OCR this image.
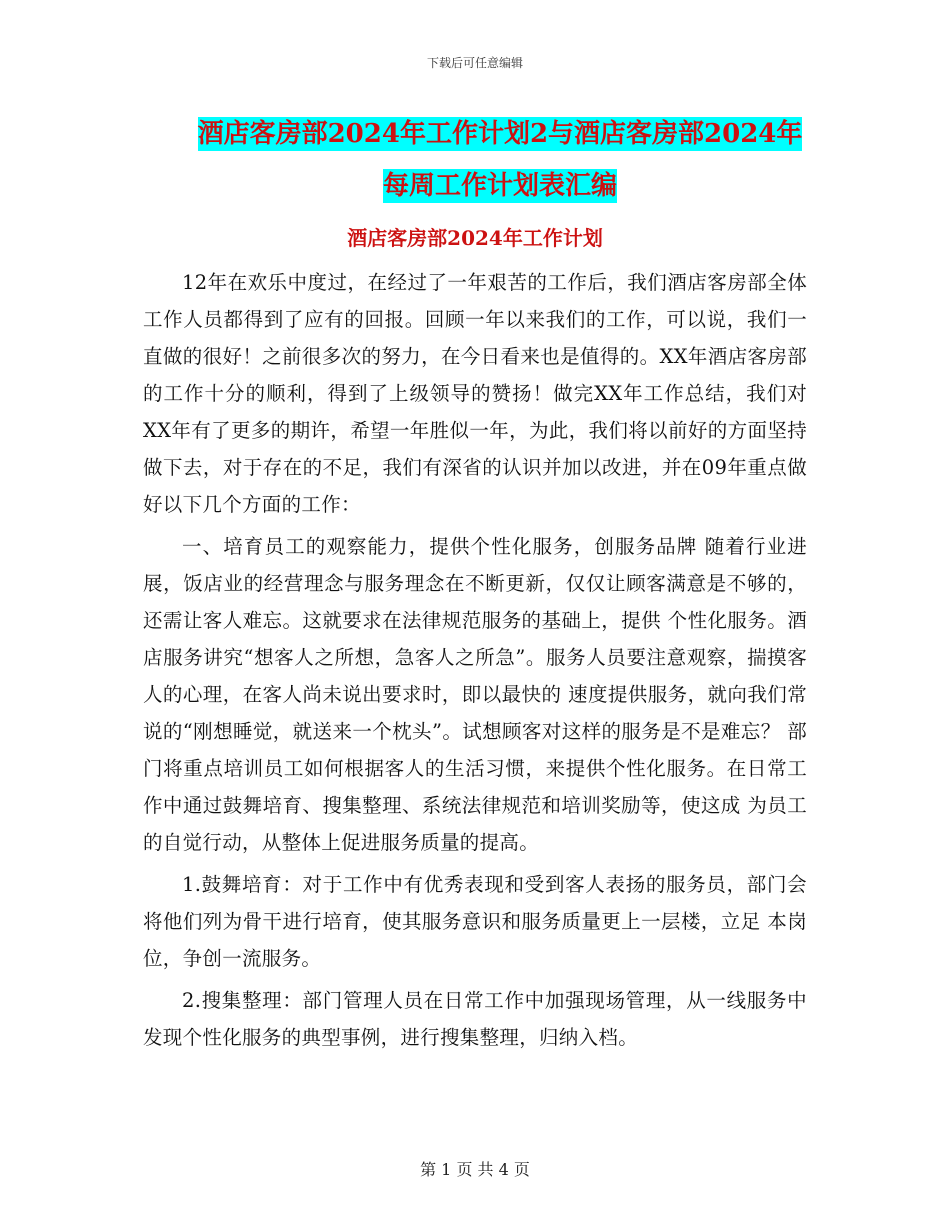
下载后可任意编辑
酒店客房部2024年工作计划2与酒店客房部2024年
每周工作计划表汇编
酒店客房部2024年工作计划

12年在欢乐中度过，在经过了一年艰苦的工作后，我们酒店客房部全体工作人员都得到了应有的回报。回顾一年以来我们的工作，可以说，我们一直做的很好！之前很多次的努力，在今日看来也是值得的。XX年酒店客房部的工作十分的顺利，得到了上级领导的赞扬！做完XX年工作总结，我们对XX年有了更多的期许，希望一年胜似一年，为此，我们将以前好的方面坚持做下去，对于存在的不足，我们有深省的认识并加以改进，并在09年重点做好以下几个方面的工作：

一、培育员工的观察能力，提供个性化服务，创服务品牌 随着行业进展，饭店业的经营理念与服务理念在不断更新，仅仅让顾客满意是不够的，还需让客人难忘。这就要求在法律规范服务的基础上，提供 个性化服务。酒店服务讲究“想客人之所想，急客人之所急”。服务人员要注意观察，揣摸客人的心理，在客人尚未说出要求时，即以最快的 速度提供服务，就向我们常说的“刚想睡觉，就送来一个枕头”。试想顾客对这样的服务是不是难忘？ 部门将重点培训员工如何根据客人的生活习惯，来提供个性化服务。在日常工作中通过鼓舞培育、搜集整理、系统法律规范和培训奖励等，使这成 为员工的自觉行动，从整体上促进服务质量的提高。

1.鼓舞培育：对于工作中有优秀表现和受到客人表扬的服务员，部门会将他们列为骨干进行培育，使其服务意识和服务质量更上一层楼，立足 本岗位，争创一流服务。

2.搜集整理：部门管理人员在日常工作中加强现场管理，从一线服务中发现个性化服务的典型事例，进行搜集整理，归纳入档。

第 1 页 共 4 页
